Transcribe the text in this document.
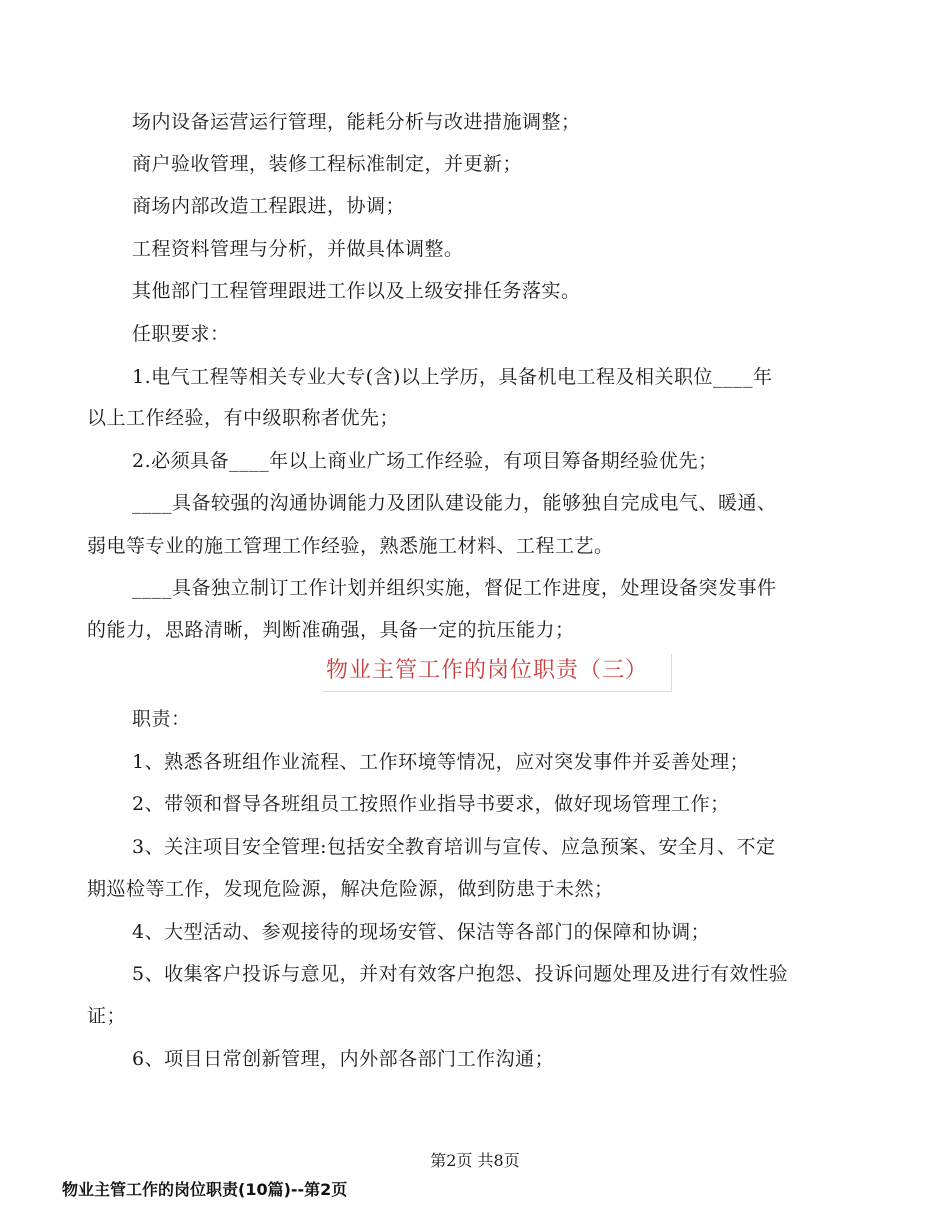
场内设备运营运行管理，能耗分析与改进措施调整；
商户验收管理，装修工程标准制定，并更新；
商场内部改造工程跟进，协调；
工程资料管理与分析，并做具体调整。
其他部门工程管理跟进工作以及上级安排任务落实。
任职要求：
1.电气工程等相关专业大专(含)以上学历，具备机电工程及相关职位____年
以上工作经验，有中级职称者优先；
2.必须具备____年以上商业广场工作经验，有项目筹备期经验优先；
____具备较强的沟通协调能力及团队建设能力，能够独自完成电气、暖通、
弱电等专业的施工管理工作经验，熟悉施工材料、工程工艺。
____具备独立制订工作计划并组织实施，督促工作进度，处理设备突发事件
的能力，思路清晰，判断准确强，具备一定的抗压能力；
物业主管工作的岗位职责（三）
职责：
1、熟悉各班组作业流程、工作环境等情况，应对突发事件并妥善处理；
2、带领和督导各班组员工按照作业指导书要求，做好现场管理工作；
3、关注项目安全管理:包括安全教育培训与宣传、应急预案、安全月、不定
期巡检等工作，发现危险源，解决危险源，做到防患于未然；
4、大型活动、参观接待的现场安管、保洁等各部门的保障和协调；
5、收集客户投诉与意见，并对有效客户抱怨、投诉问题处理及进行有效性验
证；
6、项目日常创新管理，内外部各部门工作沟通；
第2页 共8页
物业主管工作的岗位职责(10篇)--第2页
